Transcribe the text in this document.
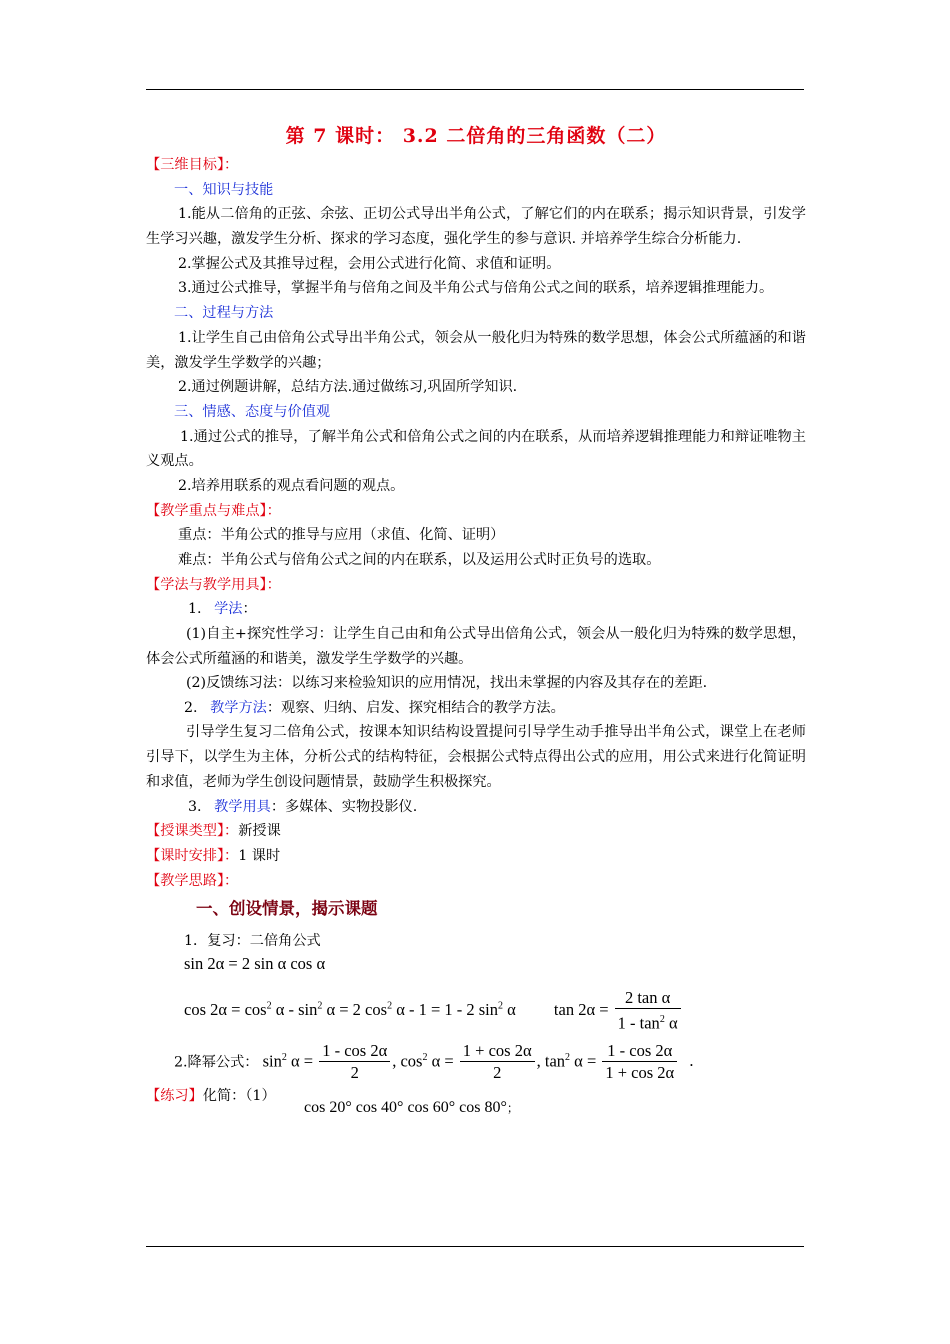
第 7 课时： 3.2 二倍角的三角函数（二）

【三维目标】：

一、知识与技能

1.能从二倍角的正弦、余弦、正切公式导出半角公式，了解它们的内在联系；揭示知识背景，引发学生学习兴趣，激发学生分析、探求的学习态度，强化学生的参与意识. 并培养学生综合分析能力.

2.掌握公式及其推导过程，会用公式进行化简、求值和证明。

3.通过公式推导，掌握半角与倍角之间及半角公式与倍角公式之间的联系，培养逻辑推理能力。

二、过程与方法

1.让学生自己由倍角公式导出半角公式，领会从一般化归为特殊的数学思想，体会公式所蕴涵的和谐美，激发学生学数学的兴趣；

2.通过例题讲解，总结方法.通过做练习,巩固所学知识.

三、情感、态度与价值观

1.通过公式的推导，了解半角公式和倍角公式之间的内在联系，从而培养逻辑推理能力和辩证唯物主义观点。

2.培养用联系的观点看问题的观点。

【教学重点与难点】：

重点：半角公式的推导与应用（求值、化简、证明）

难点：半角公式与倍角公式之间的内在联系，以及运用公式时正负号的选取。

【学法与教学用具】：

1. 学法：

(1)自主+探究性学习：让学生自己由和角公式导出倍角公式，领会从一般化归为特殊的数学思想，体会公式所蕴涵的和谐美，激发学生学数学的兴趣。

(2)反馈练习法：以练习来检验知识的应用情况，找出未掌握的内容及其存在的差距.

2. 教学方法：观察、归纳、启发、探究相结合的教学方法。

引导学生复习二倍角公式，按课本知识结构设置提问引导学生动手推导出半角公式，课堂上在老师引导下，以学生为主体，分析公式的结构特征，会根据公式特点得出公式的应用，用公式来进行化简证明和求值，老师为学生创设问题情景，鼓励学生积极探究。

3. 教学用具：多媒体、实物投影仪.

【授课类型】：新授课

【课时安排】：1 课时

【教学思路】：

一、创设情景，揭示课题

1．复习：二倍角公式

sin 2α = 2 sin α cos α
$\cos 2\alpha = \cos^2 \alpha - \sin^2 \alpha = 2$ $\cos^2 \alpha - 1 = 1 - 2$ $\sin^2 \alpha$ $\tan 2\alpha = \frac{\text{2 tan α}}{1 - \tan^2 \alpha}$
2.降幂公式： $\sin^2 \alpha = \frac{1 - \cos 2\alpha}{2}$ , $\cos^2 \alpha = \frac{1 + \cos 2\alpha}{2}$ , $\tan^2 \alpha = \frac{1 - \cos 2\alpha}{1 + \cos 2\alpha}$ .
【练习】化简：（1）
cos 20° cos 40° cos 60° cos 80°；
